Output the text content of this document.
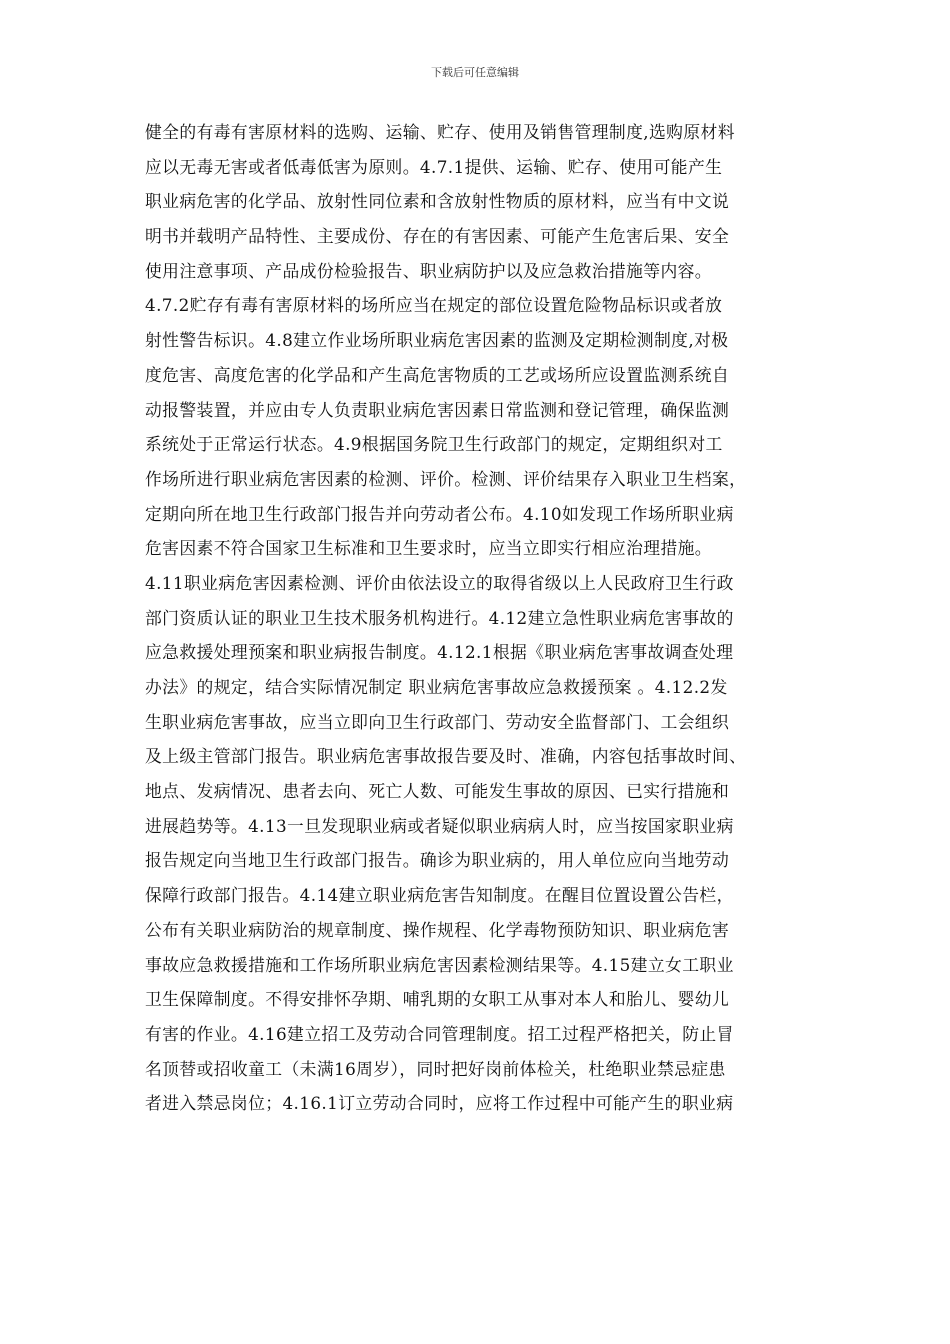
下载后可任意编辑
健全的有毒有害原材料的选购、运输、贮存、使用及销售管理制度,选购原材料
应以无毒无害或者低毒低害为原则。4.7.1提供、运输、贮存、使用可能产生
职业病危害的化学品、放射性同位素和含放射性物质的原材料，应当有中文说
明书并载明产品特性、主要成份、存在的有害因素、可能产生危害后果、安全
使用注意事项、产品成份检验报告、职业病防护以及应急救治措施等内容。
4.7.2贮存有毒有害原材料的场所应当在规定的部位设置危险物品标识或者放
射性警告标识。4.8建立作业场所职业病危害因素的监测及定期检测制度,对极
度危害、高度危害的化学品和产生高危害物质的工艺或场所应设置监测系统自
动报警装置，并应由专人负责职业病危害因素日常监测和登记管理，确保监测
系统处于正常运行状态。4.9根据国务院卫生行政部门的规定，定期组织对工
作场所进行职业病危害因素的检测、评价。检测、评价结果存入职业卫生档案，
定期向所在地卫生行政部门报告并向劳动者公布。4.10如发现工作场所职业病
危害因素不符合国家卫生标准和卫生要求时，应当立即实行相应治理措施。
4.11职业病危害因素检测、评价由依法设立的取得省级以上人民政府卫生行政
部门资质认证的职业卫生技术服务机构进行。4.12建立急性职业病危害事故的
应急救援处理预案和职业病报告制度。4.12.1根据《职业病危害事故调查处理
办法》的规定，结合实际情况制定 职业病危害事故应急救援预案 。4.12.2发
生职业病危害事故，应当立即向卫生行政部门、劳动安全监督部门、工会组织
及上级主管部门报告。职业病危害事故报告要及时、准确，内容包括事故时间、
地点、发病情况、患者去向、死亡人数、可能发生事故的原因、已实行措施和
进展趋势等。4.13一旦发现职业病或者疑似职业病病人时，应当按国家职业病
报告规定向当地卫生行政部门报告。确诊为职业病的，用人单位应向当地劳动
保障行政部门报告。4.14建立职业病危害告知制度。在醒目位置设置公告栏，
公布有关职业病防治的规章制度、操作规程、化学毒物预防知识、职业病危害
事故应急救援措施和工作场所职业病危害因素检测结果等。4.15建立女工职业
卫生保障制度。不得安排怀孕期、哺乳期的女职工从事对本人和胎儿、婴幼儿
有害的作业。4.16建立招工及劳动合同管理制度。招工过程严格把关，防止冒
名顶替或招收童工（未满16周岁），同时把好岗前体检关，杜绝职业禁忌症患
者进入禁忌岗位；4.16.1订立劳动合同时，应将工作过程中可能产生的职业病
